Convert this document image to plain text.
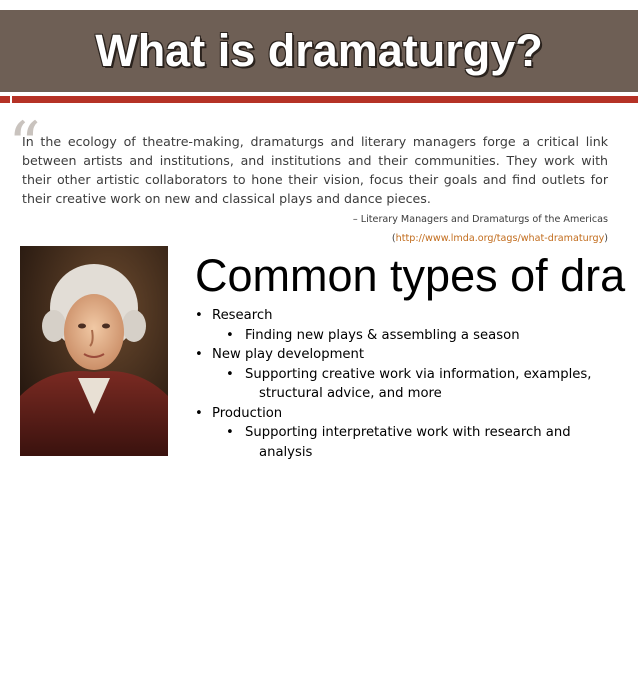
What is dramaturgy?
“
In the ecology of theatre-making, dramaturgs and literary managers forge a critical link between artists and institutions, and institutions and their communities. They work with their other artistic collaborators to hone their vision, focus their goals and find outlets for their creative work on new and classical plays and dance pieces.
– Literary Managers and Dramaturgs of the Americas
(http://www.lmda.org/tags/what-dramaturgy)
First dramatur: Gotthold
Ephraim Lessing
Common types of dra
• Research
• Finding new plays & assembling a season
• New play development
• Supporting creative work via information, examples,
structural advice, and more
• Production
• Supporting interpretative work with research and
analysis
